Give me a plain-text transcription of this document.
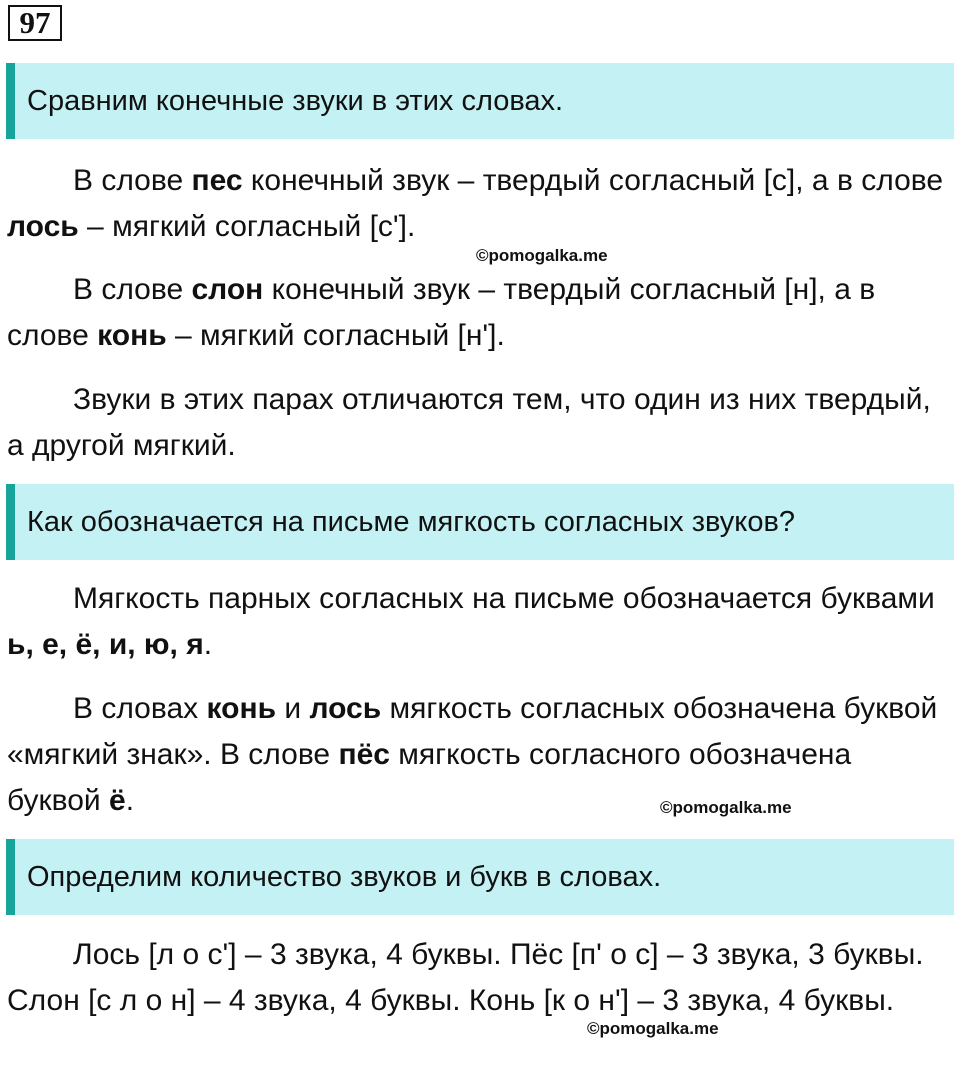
97
Сравним конечные звуки в этих словах.

В слове пес конечный звук – твердый согласный [с], а в слове лось – мягкий согласный [с'].

©pomogalka.me

В слове слон конечный звук – твердый согласный [н], а в слове конь – мягкий согласный [н'].

Звуки в этих парах отличаются тем, что один из них твердый, а другой мягкий.

Как обозначается на письме мягкость согласных звуков?

Мягкость парных согласных на письме обозначается буквами ь, е, ё, и, ю, я.

В словах конь и лось мягкость согласных обозначена буквой «мягкий знак». В слове пёс мягкость согласного обозначена буквой ё.	©pomogalka.me
Определим количество звуков и букв в словах.

Лось [л о с'] – 3 звука, 4 буквы. Пёс [п' о с] – 3 звука, 3 буквы. Слон [с л о н] – 4 звука, 4 буквы. Конь [к о н'] – 3 звука, 4 буквы.

©pomogalka.me
